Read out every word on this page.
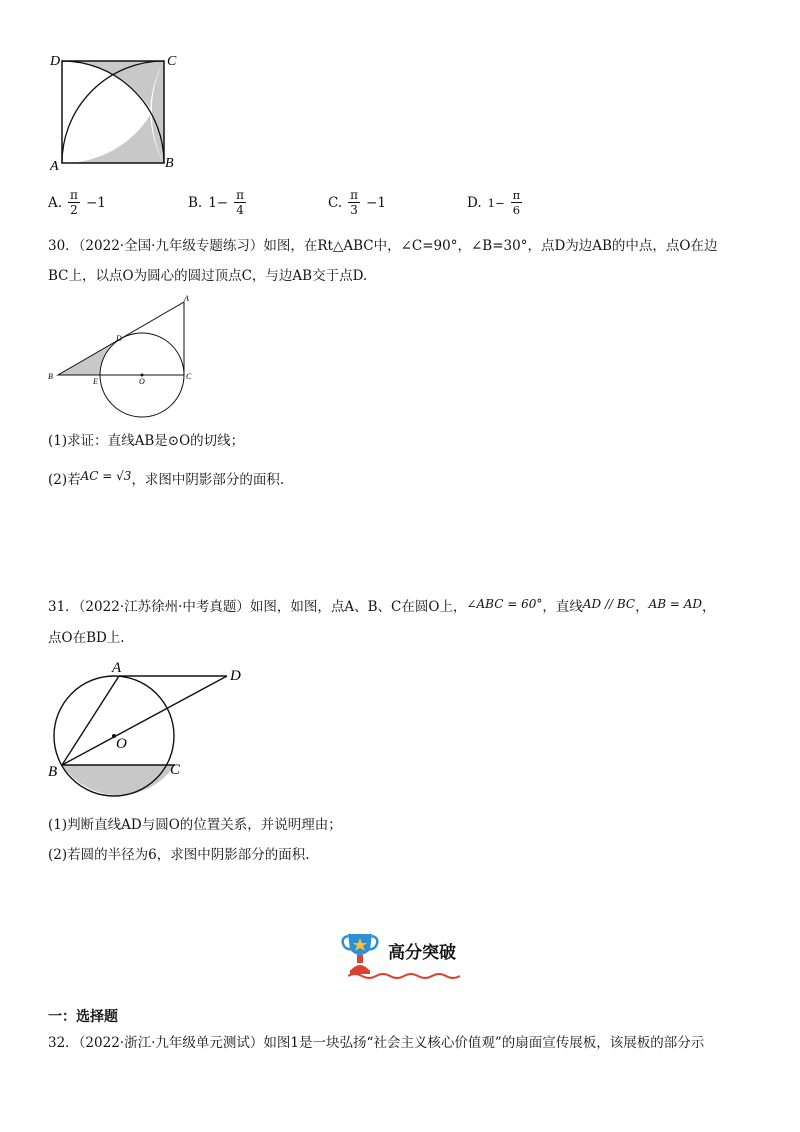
D	C
A	B
A. $\frac{\pi}{2} -1$	B. $1- \frac{\pi}{4}$	C. $\frac{\pi}{3} -1$	D. $1- \frac{\pi}{6}$
30．（2022·全国·九年级专题练习）如图，在Rt△ABC中，∠C=90°，∠B=30°，点D为边AB的中点，点O在边
BC上，以点O为圆心的圆过顶点C，与边AB交于点D.
A
D
B
E	O
C
(1)求证：直线AB是⊙O的切线；
(2)若AC = √3，求图中阴影部分的面积.
31．（2022·江苏徐州·中考真题）如图，如图，点A、B、C在圆O上，∠ABC = 60°，直线AD // BC，AB = AD，
点O在BD上.
A	D
O
B	C
(1)判断直线AD与圆O的位置关系，并说明理由；
(2)若圆的半径为6，求图中阴影部分的面积.
高分突破
一：选择题
32．（2022·浙江·九年级单元测试）如图1是一块弘扬“社会主义核心价值观”的扇面宣传展板，该展板的部分示
